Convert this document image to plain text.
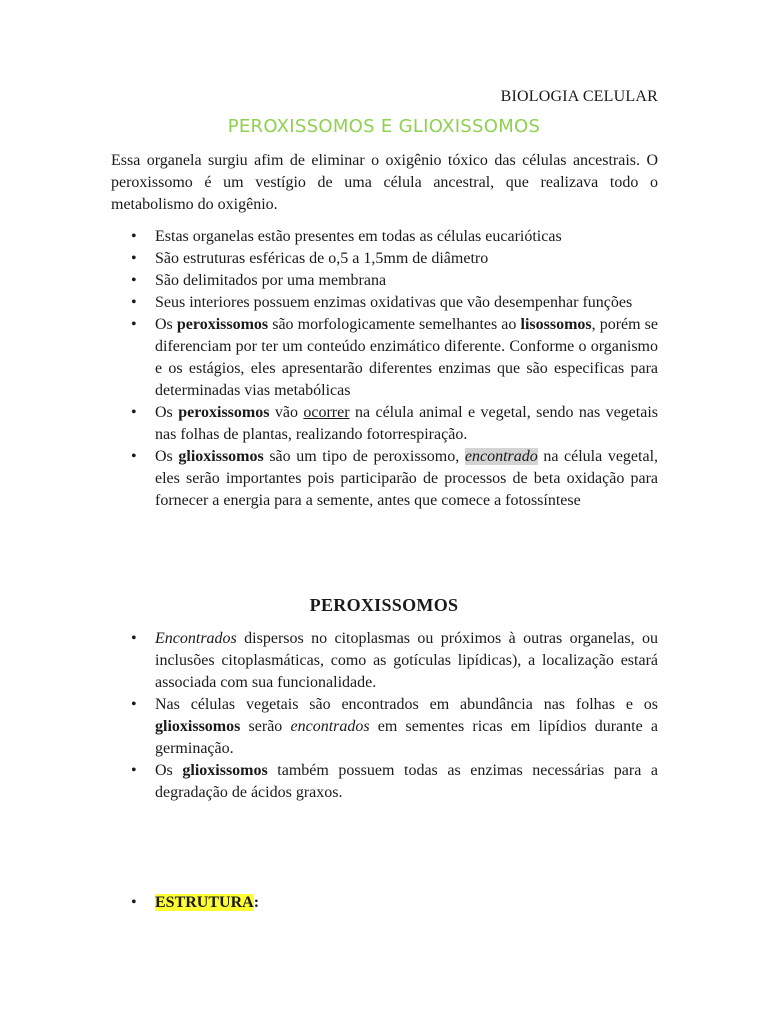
BIOLOGIA CELULAR
PEROXISSOMOS E GLIOXISSOMOS

Essa organela surgiu afim de eliminar o oxigênio tóxico das células ancestrais. O peroxissomo é um vestígio de uma célula ancestral, que realizava todo o metabolismo do oxigênio.

• Estas organelas estão presentes em todas as células eucarióticas
• São estruturas esféricas de o,5 a 1,5mm de diâmetro
• São delimitados por uma membrana
• Seus interiores possuem enzimas oxidativas que vão desempenhar funções
• Os peroxissomos são morfologicamente semelhantes ao lisossomos, porém se diferenciam por ter um conteúdo enzimático diferente. Conforme o organismo e os estágios, eles apresentarão diferentes enzimas que são especificas para determinadas vias metabólicas
• Os peroxissomos vão ocorrer na célula animal e vegetal, sendo nas vegetais nas folhas de plantas, realizando fotorrespiração.
• Os glioxissomos são um tipo de peroxissomo, encontrado na célula vegetal, eles serão importantes pois participarão de processos de beta oxidação para fornecer a energia para a semente, antes que comece a fotossíntese
PEROXISSOMOS
• Encontrados dispersos no citoplasmas ou próximos à outras organelas, ou inclusões citoplasmáticas, como as gotículas lipídicas), a localização estará associada com sua funcionalidade.
• Nas células vegetais são encontrados em abundância nas folhas e os glioxissomos serão encontrados em sementes ricas em lipídios durante a germinação.
• Os glioxissomos também possuem todas as enzimas necessárias para a degradação de ácidos graxos.
• ESTRUTURA:
